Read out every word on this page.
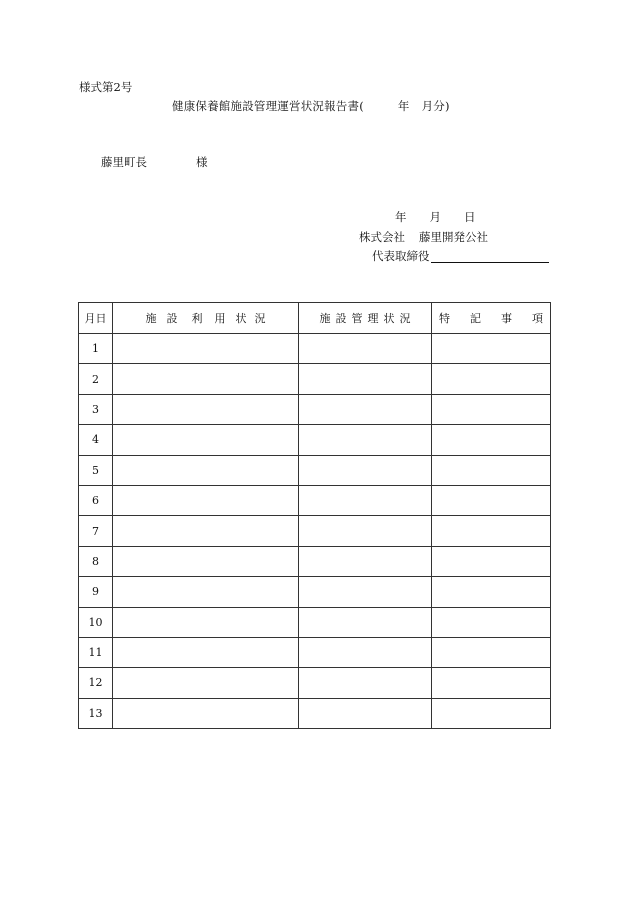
様式第2号
健康保養館施設管理運営状況報告書(	年 月分)
藤里町長	様
年 月 日
株式会社 藤里開発公社
代表取締役
月日	施 設 利 用 状 況	施 設 管 理 状 況	特 記 事 項
1			
2			
3			
4			
5			
6			
7			
8			
9			
10			
11			
12			
13			
